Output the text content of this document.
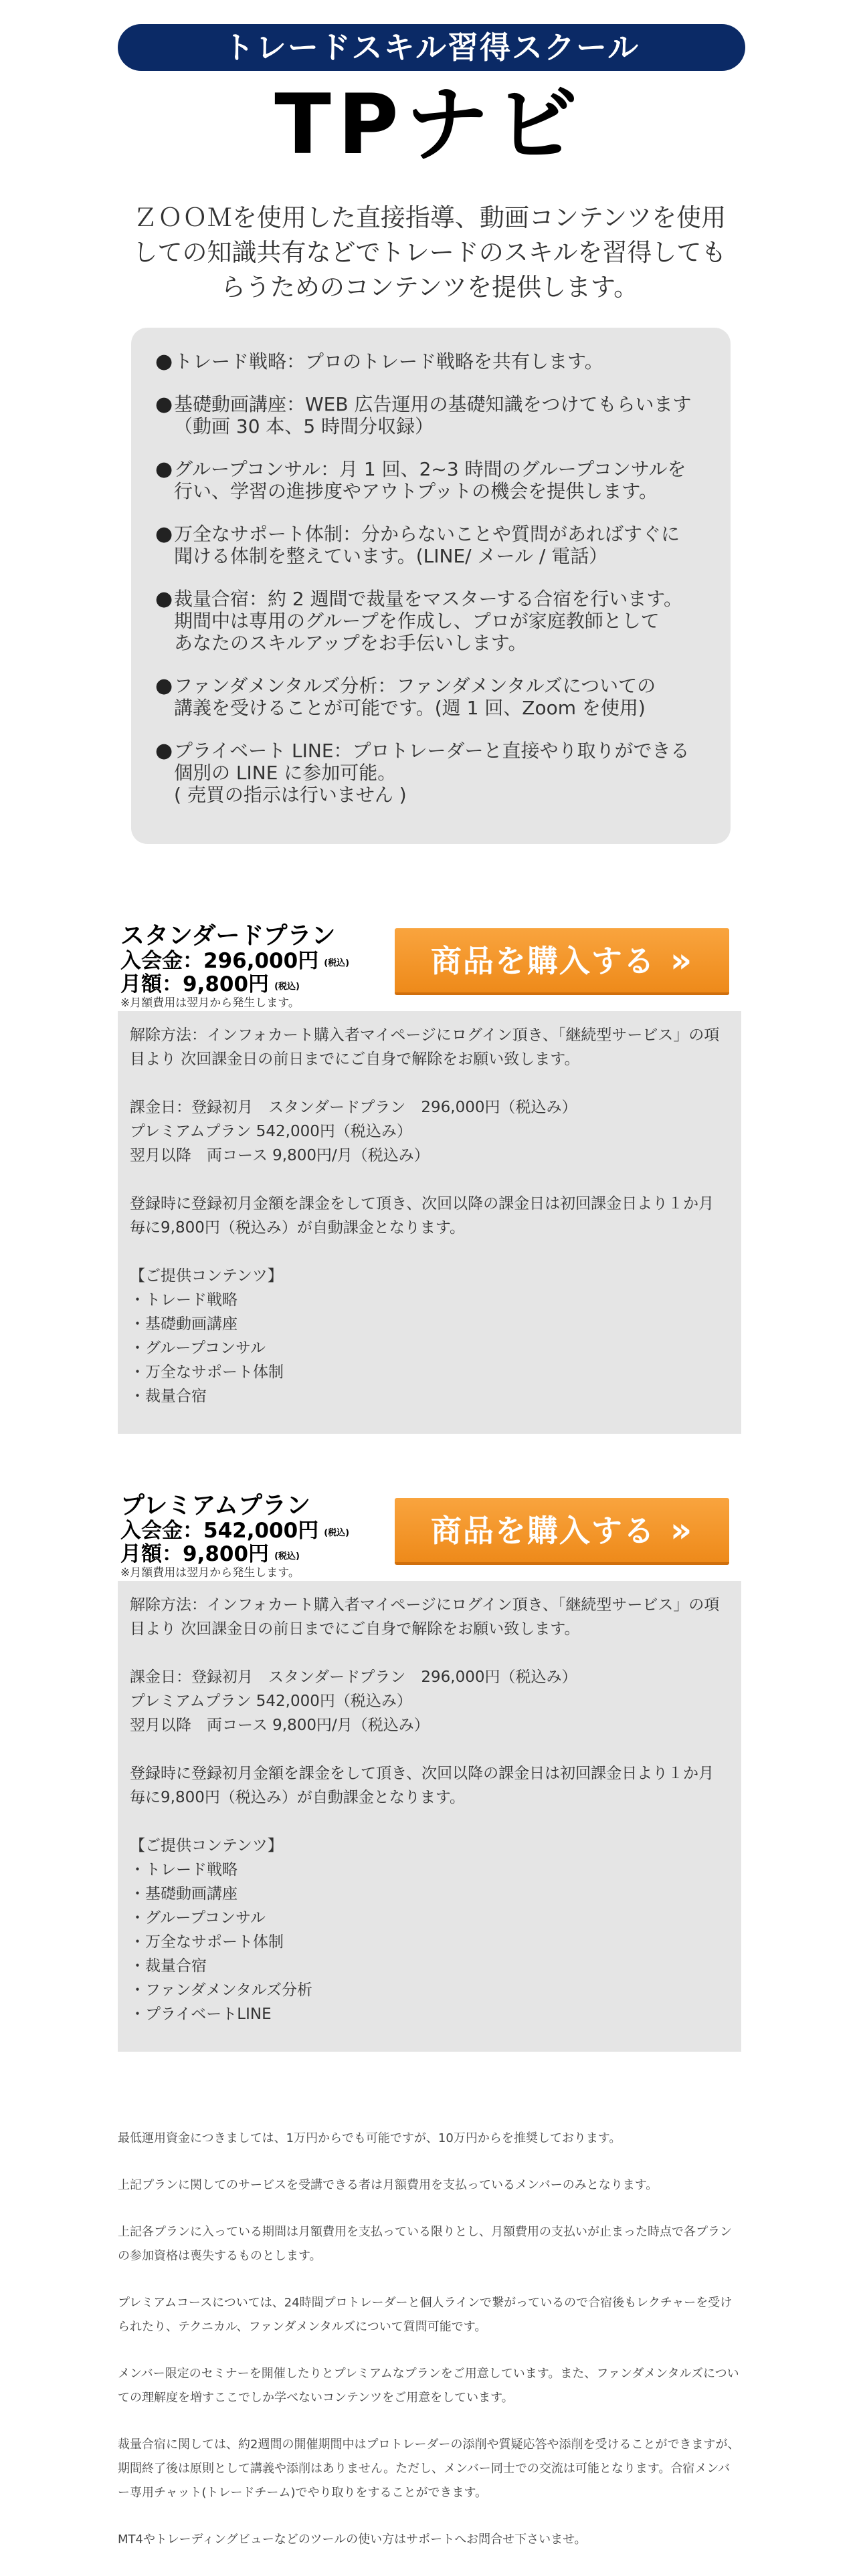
トレードスキル習得スクール
TPナビ
ＺＯＯＭを使用した直接指導、動画コンテンツを使用しての知識共有などでトレードのスキルを習得してもらうためのコンテンツを提供します。
● トレード戦略：プロのトレード戦略を共有します。
● 基礎動画講座：WEB 広告運用の基礎知識をつけてもらいます
（動画 30 本、5 時間分収録）
● グループコンサル：月 1 回、2~3 時間のグループコンサルを
行い、学習の進捗度やアウトプットの機会を提供します。
● 万全なサポート体制：分からないことや質問があればすぐに
聞ける体制を整えています。(LINE/ メール / 電話）
● 裁量合宿：約 2 週間で裁量をマスターする合宿を行います。
期間中は専用のグループを作成し、プロが家庭教師として
あなたのスキルアップをお手伝いします。
● ファンダメンタルズ分析：ファンダメンタルズについての
講義を受けることが可能です。(週 1 回、Zoom を使用)
● プライベート LINE：プロトレーダーと直接やり取りができる
個別の LINE に参加可能。
( 売買の指示は行いません )
スタンダードプラン
入会金：296,000円 (税込)
月額：9,800円 (税込)
※月額費用は翌月から発生します。
商品を購入する »

解除方法：インフォカート購入者マイページにログイン頂き、「継続型サービス」の項目より 次回課金日の前日までにご自身で解除をお願い致します。

課金日：登録初月　スタンダードプラン　296,000円（税込み）
プレミアムプラン 542,000円（税込み）
翌月以降　両コース 9,800円/月（税込み）

登録時に登録初月金額を課金をして頂き、次回以降の課金日は初回課金日より１か月毎に9,800円（税込み）が自動課金となります。

【ご提供コンテンツ】

・トレード戦略
・基礎動画講座
・グループコンサル
・万全なサポート体制
・裁量合宿
プレミアムプラン
入会金：542,000円 (税込)
月額：9,800円 (税込)
※月額費用は翌月から発生します。
商品を購入する »

解除方法：インフォカート購入者マイページにログイン頂き、「継続型サービス」の項目より 次回課金日の前日までにご自身で解除をお願い致します。

課金日：登録初月　スタンダードプラン　296,000円（税込み）
プレミアムプラン 542,000円（税込み）
翌月以降　両コース 9,800円/月（税込み）

登録時に登録初月金額を課金をして頂き、次回以降の課金日は初回課金日より１か月毎に9,800円（税込み）が自動課金となります。

【ご提供コンテンツ】

・トレード戦略
・基礎動画講座
・グループコンサル
・万全なサポート体制
・裁量合宿
・ファンダメンタルズ分析
・プライベートLINE

最低運用資金につきましては、1万円からでも可能ですが、10万円からを推奨しております。

上記プランに関してのサービスを受講できる者は月額費用を支払っているメンバーのみとなります。

上記各プランに入っている期間は月額費用を支払っている限りとし、月額費用の支払いが止まった時点で各プランの参加資格は喪失するものとします。

プレミアムコースについては、24時間プロトレーダーと個人ラインで繋がっているので合宿後もレクチャーを受けられたり、テクニカル、ファンダメンタルズについて質問可能です。

メンバー限定のセミナーを開催したりとプレミアムなプランをご用意しています。また、ファンダメンタルズについての理解度を増すここでしか学べないコンテンツをご用意をしています。

裁量合宿に関しては、約2週間の開催期間中はプロトレーダーの添削や質疑応答や添削を受けることができますが、期間終了後は原則として講義や添削はありません。ただし、メンバー同士での交流は可能となります。合宿メンバー専用チャット(トレードチーム)でやり取りをすることができます。

MT4やトレーディングビューなどのツールの使い方はサポートへお問合せ下さいませ。
